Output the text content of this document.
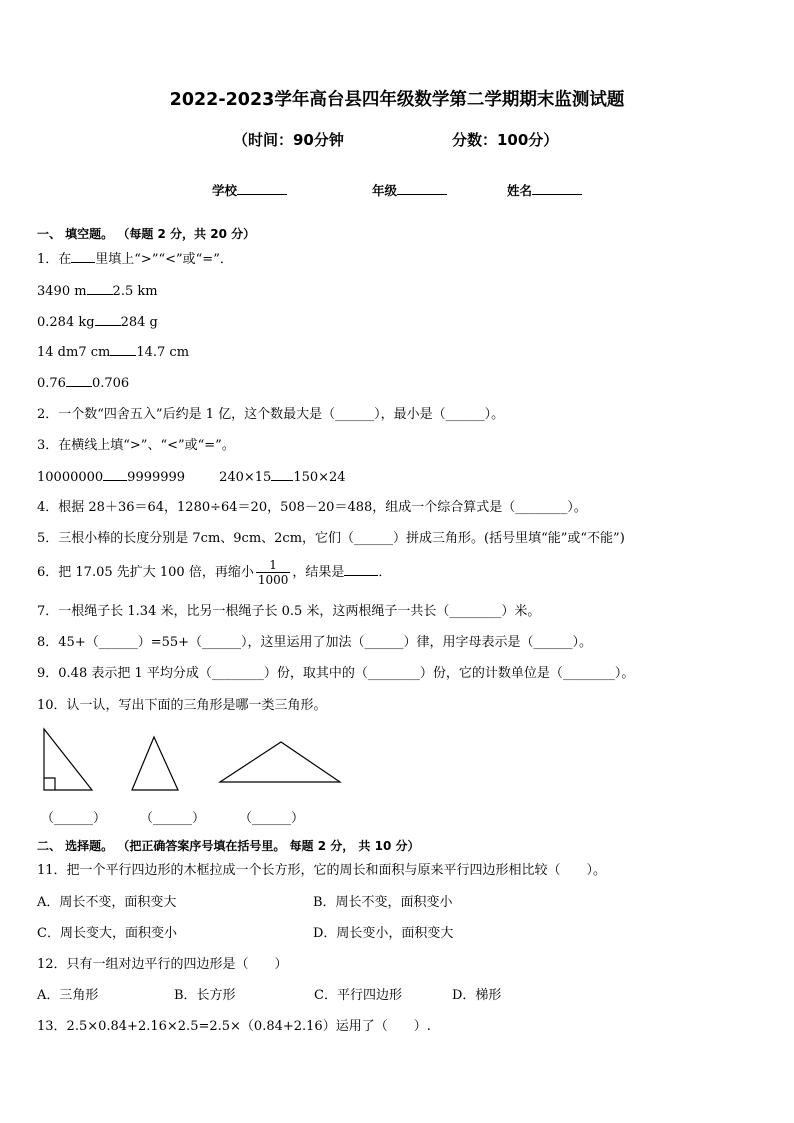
2022-2023学年高台县四年级数学第二学期期末监测试题
（时间：90分钟	分数：100分）
学校	年级	姓名
一、 填空题。 （每题 2 分，共 20 分）
1．在 里填上“>”“<”或“=”．
3490 m 2.5 km
0.284 kg 284 g
14 dm7 cm 14.7 cm
0.76 0.706
2．一个数“四舍五入”后约是 1 亿，这个数最大是（______），最小是（______）。
3．在横线上填“>”、“<”或“=”。
10000000 9999999	240×15 150×24
4．根据 28＋36＝64，1280÷64＝20，508－20＝488，组成一个综合算式是（________）。
5．三根小棒的长度分别是 7cm、9cm、2cm，它们（______）拼成三角形。(括号里填“能”或“不能”)
6．把 17.05 先扩大 100 倍，再缩小 $\frac{1}{1000}$ ，结果是	．
7．一根绳子长 1.34 米，比另一根绳子长 0.5 米，这两根绳子一共长（________）米。
8．45+（______）=55+（______），这里运用了加法（______）律，用字母表示是（______）。
9．0.48 表示把 1 平均分成（________）份，取其中的（________）份，它的计数单位是（________）。
10．认一认，写出下面的三角形是哪一类三角形。
（______）	（______）	（______）
二、 选择题。 （把正确答案序号填在括号里。 每题 2 分， 共 10 分）
11．把一个平行四边形的木框拉成一个长方形，它的周长和面积与原来平行四边形相比较（　　）。
A．周长不变，面积变大	B．周长不变，面积变小
C．周长变大，面积变小	D．周长变小，面积变大
12．只有一组对边平行的四边形是（　　）
A．三角形	B．长方形	C．平行四边形	D．梯形
13．2.5×0.84+2.16×2.5=2.5×（0.84+2.16）运用了（　　）.
